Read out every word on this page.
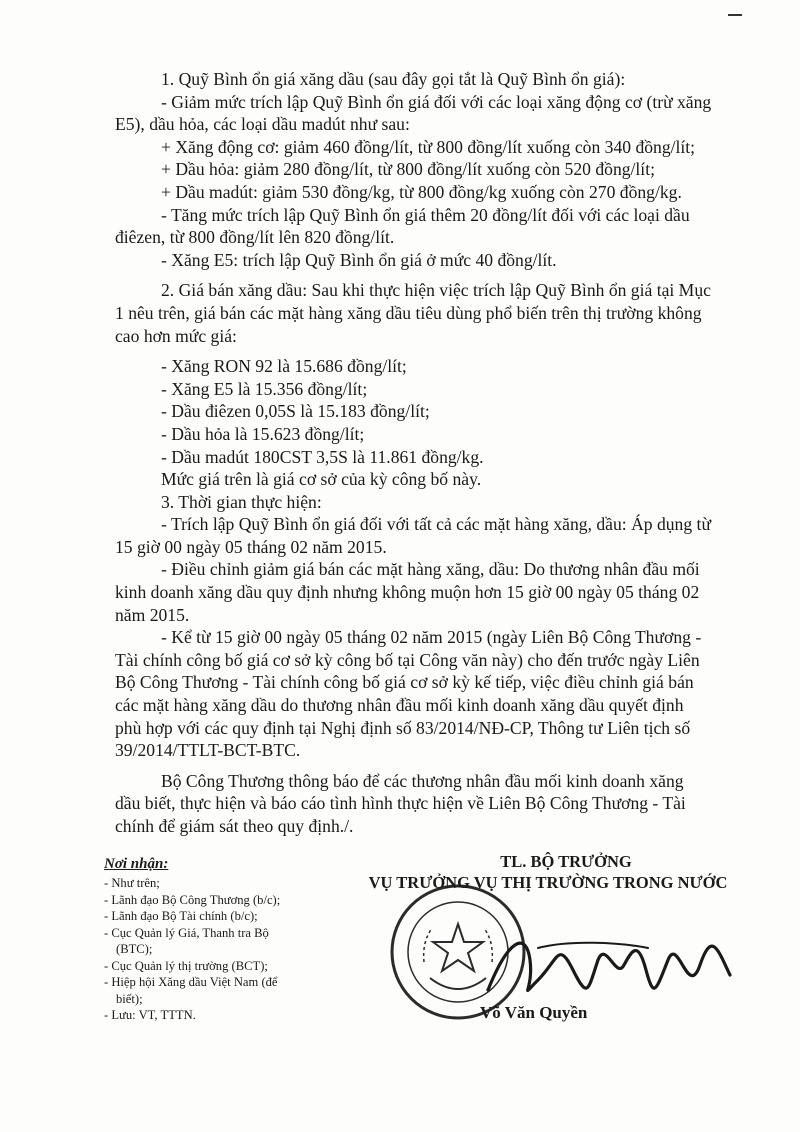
1. Quỹ Bình ổn giá xăng dầu (sau đây gọi tắt là Quỹ Bình ổn giá):
- Giảm mức trích lập Quỹ Bình ổn giá đối với các loại xăng động cơ (trừ xăng
E5), dầu hỏa, các loại dầu madút như sau:
+ Xăng động cơ: giảm 460 đồng/lít, từ 800 đồng/lít xuống còn 340 đồng/lít;
+ Dầu hỏa: giảm 280 đồng/lít, từ 800 đồng/lít xuống còn 520 đồng/lít;
+ Dầu madút: giảm 530 đồng/kg, từ 800 đồng/kg xuống còn 270 đồng/kg.
- Tăng mức trích lập Quỹ Bình ổn giá thêm 20 đồng/lít đối với các loại dầu
điêzen, từ 800 đồng/lít lên 820 đồng/lít.
- Xăng E5: trích lập Quỹ Bình ổn giá ở mức 40 đồng/lít.
2. Giá bán xăng dầu: Sau khi thực hiện việc trích lập Quỹ Bình ổn giá tại Mục
1 nêu trên, giá bán các mặt hàng xăng dầu tiêu dùng phổ biến trên thị trường không
cao hơn mức giá:
- Xăng RON 92 là 15.686 đồng/lít;
- Xăng E5 là 15.356 đồng/lít;
- Dầu điêzen 0,05S là 15.183 đồng/lít;
- Dầu hỏa là 15.623 đồng/lít;
- Dầu madút 180CST 3,5S là 11.861 đồng/kg.
Mức giá trên là giá cơ sở của kỳ công bố này.
3. Thời gian thực hiện:
- Trích lập Quỹ Bình ổn giá đối với tất cả các mặt hàng xăng, dầu: Áp dụng từ
15 giờ 00 ngày 05 tháng 02 năm 2015.
- Điều chỉnh giảm giá bán các mặt hàng xăng, dầu: Do thương nhân đầu mối
kinh doanh xăng dầu quy định nhưng không muộn hơn 15 giờ 00 ngày 05 tháng 02
năm 2015.
- Kể từ 15 giờ 00 ngày 05 tháng 02 năm 2015 (ngày Liên Bộ Công Thương -
Tài chính công bố giá cơ sở kỳ công bố tại Công văn này) cho đến trước ngày Liên
Bộ Công Thương - Tài chính công bố giá cơ sở kỳ kế tiếp, việc điều chỉnh giá bán
các mặt hàng xăng dầu do thương nhân đầu mối kinh doanh xăng dầu quyết định
phù hợp với các quy định tại Nghị định số 83/2014/NĐ-CP, Thông tư Liên tịch số
39/2014/TTLT-BCT-BTC.
Bộ Công Thương thông báo để các thương nhân đầu mối kinh doanh xăng
dầu biết, thực hiện và báo cáo tình hình thực hiện về Liên Bộ Công Thương - Tài
chính để giám sát theo quy định./.
Nơi nhận:
- Như trên;
- Lãnh đạo Bộ Công Thương (b/c);
- Lãnh đạo Bộ Tài chính (b/c);
- Cục Quản lý Giá, Thanh tra Bộ
(BTC);
- Cục Quản lý thị trường (BCT);
- Hiệp hội Xăng dầu Việt Nam (để
biết);
- Lưu: VT, TTTN.
TL. BỘ TRƯỞNG
VỤ TRƯỞNG VỤ THỊ TRƯỜNG TRONG NƯỚC
Võ Văn Quyền
